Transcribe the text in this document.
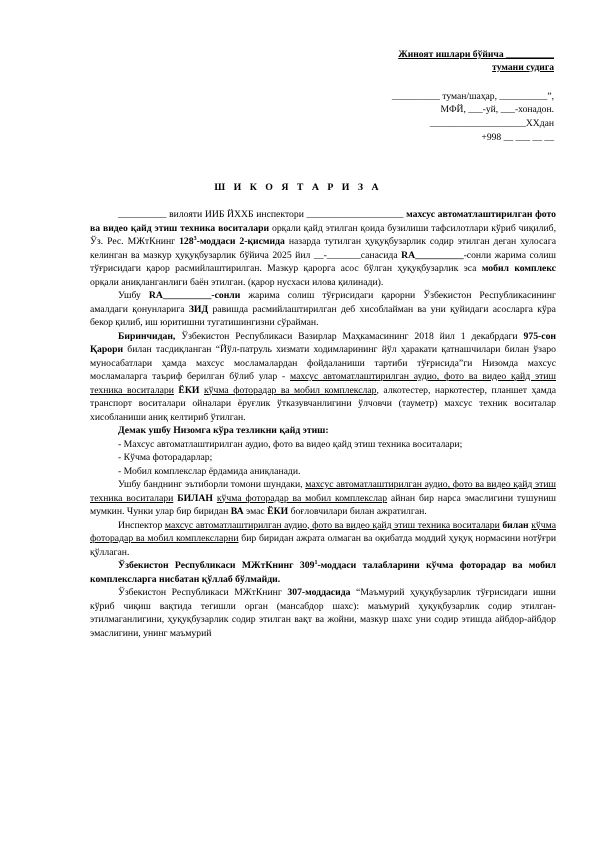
Жиноят ишлари бўйича __________
тумани судига
__________ туман/шаҳар, __________”,
МФЙ, ___-уй, ___-хонадон.
____________________ХХдан
+998 __ ___ __ __
Ш И К О Я Т А Р И З А

__________ вилояти ИИБ ЙХХБ инспектори ____________________ махсус автоматлаштирилган фото ва видео қайд этиш техника воситалари орқали қайд этилган қоида бузилиши тафсилотлари кўриб чиқилиб, Ўз. Рес. МЖтКнинг $128^3$-моддаси 2-қисмида назарда тутилган ҳуқуқбузарлик содир этилган деган хулосага келинган ва мазкур ҳуқуқбузарлик бўйича 2025 йил __-_______санасида RA__________-сонли жарима солиш тўғрисидаги қарор расмийлаштирилган. Мазкур қарорга асос бўлган ҳуқуқбузарлик эса мобил комплекс орқали аниқланганлиги баён этилган. (қарор нусхаси илова қилинади).

Ушбу RA__________-сонли жарима солиш тўғрисидаги қарорни Ўзбекистон Республикасининг амалдаги қонунларига ЗИД равишда расмийлаштирилган деб хисоблайман ва уни қуйидаги асосларга кўра бекор қилиб, иш юритишни тугатишингизни сўрайман.

Биринчидан, Ўзбекистон Республикаси Вазирлар Маҳкамасининг 2018 йил 1 декабрдаги 975-сон Қарори билан тасдиқланган “Йўл-патруль хизмати ходимларининг йўл ҳаракати қатнашчилари билан ўзаро муносабатлари ҳамда махсус мосламалардан фойдаланиши тартиби тўғрисида”ги Низомда махсус мосламаларга таъриф берилган бўлиб улар - махсус автоматлаштирилган аудио, фото ва видео қайд этиш техника воситалари ЁКИ кўчма фоторадар ва мобил комплекслар, алкотестер, наркотестер, планшет ҳамда транспорт воситалари ойналари ёруғлик ўтказувчанлигини ўлчовчи (тауметр) махсус техник воситалар хисобланиши аниқ келтириб ўтилган.

Демак ушбу Низомга кўра тезликни қайд этиш:

- Махсус автоматлаштирилган аудио, фото ва видео қайд этиш техника воситалари;

- Кўчма фоторадарлар;

- Мобил комплекслар ёрдамида аниқланади.

Ушбу банднинг эътиборли томони шундаки, махсус автоматлаштирилган аудио, фото ва видео қайд этиш техника воситалари БИЛАН кўчма фоторадар ва мобил комплекслар айнан бир нарса эмаслигини тушуниш мумкин. Чунки улар бир биридан ВА эмас ЁКИ боғловчилари билан ажратилган.

Инспектор махсус автоматлаштирилган аудио, фото ва видео қайд этиш техника воситалари билан кўчма фоторадар ва мобил комплексларни бир биридан ажрата олмаган ва оқибатда моддий ҳуқуқ нормасини нотўғри қўллаган.

Ўзбекистон Республикаси МЖтКнинг $309^1$-моддаси талабларини кўчма фоторадар ва мобил комплексларга нисбатан қўллаб бўлмайди.

Ўзбекистон Республикаси МЖтКнинг 307-моддасида “Маъмурий ҳуқуқбузарлик тўғрисидаги ишни кўриб чиқиш вақтида тегишли орган (мансабдор шахс): маъмурий ҳуқуқбузарлик содир этилган-этилмаганлигини, ҳуқуқбузарлик содир этилган вақт ва жойни, мазкур шахс уни содир этишда айбдор-айбдор эмаслигини, унинг маъмурий
